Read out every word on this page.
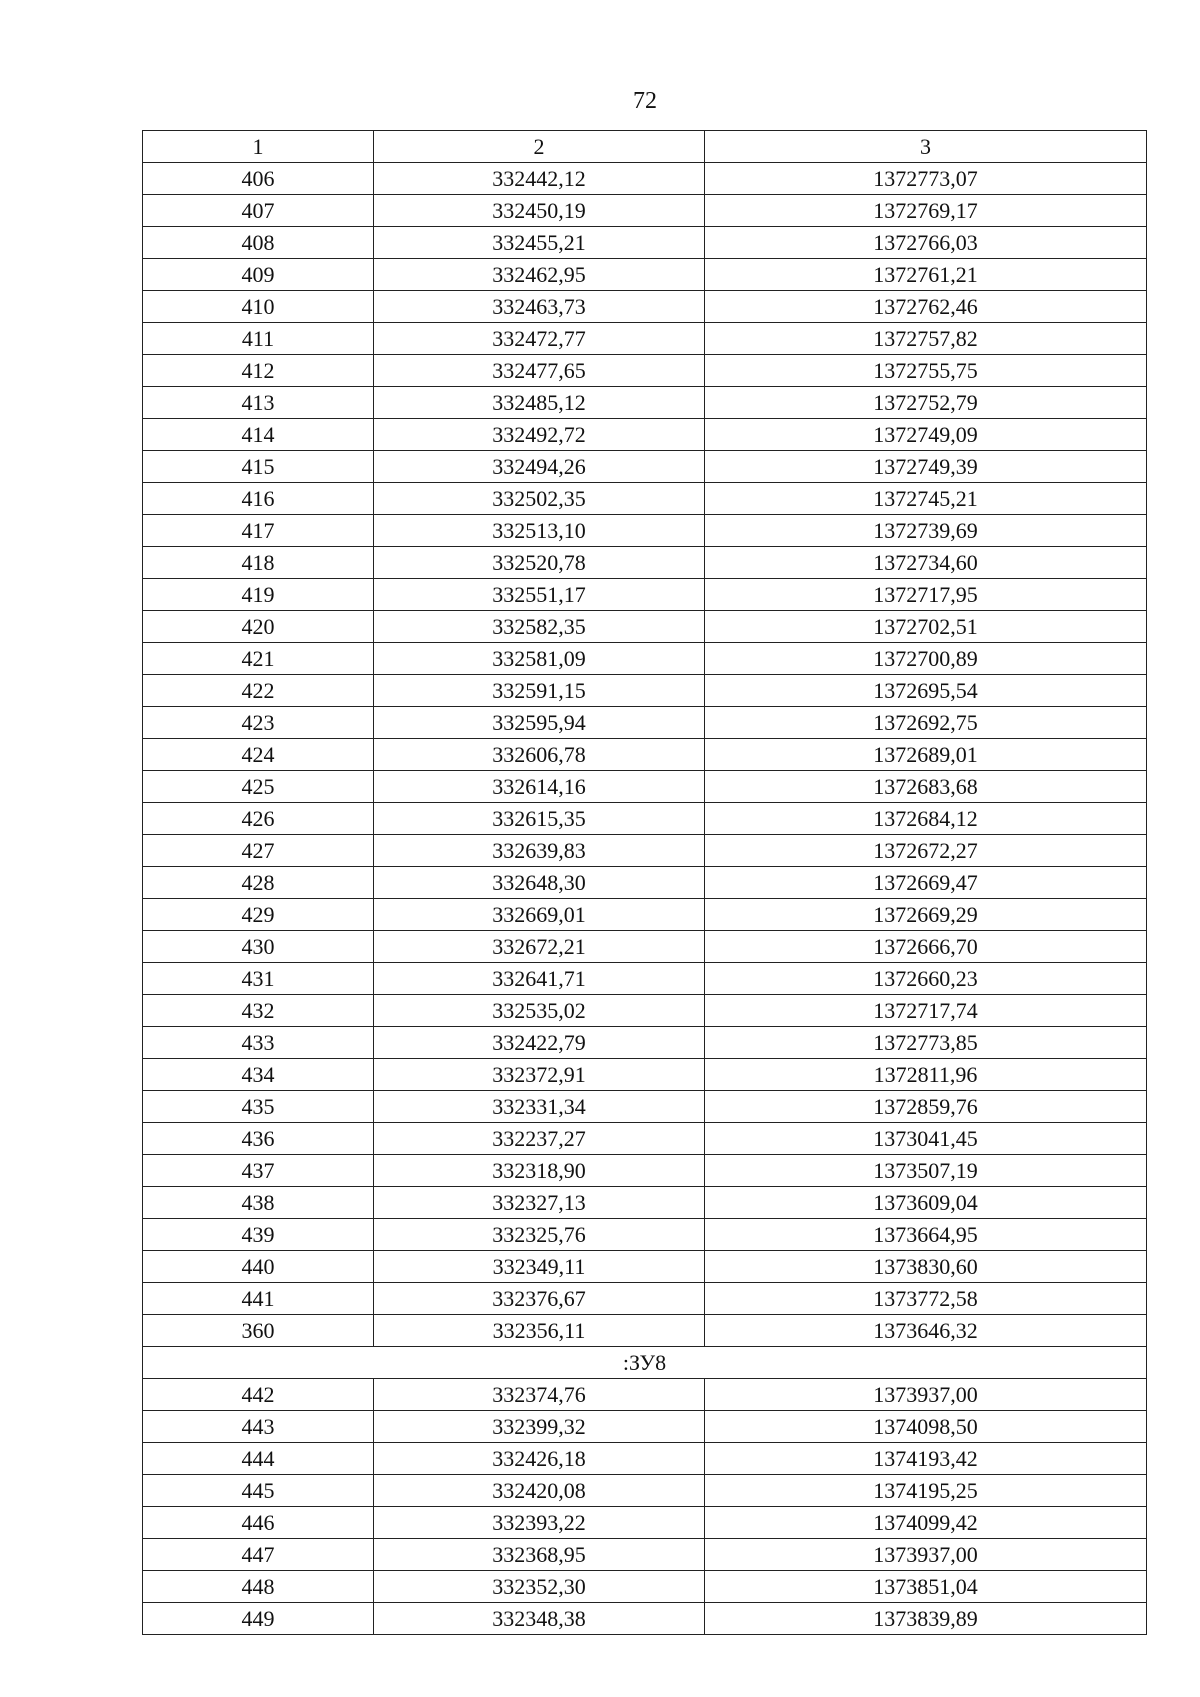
72
1	2	3
406	332442,12	1372773,07
407	332450,19	1372769,17
408	332455,21	1372766,03
409	332462,95	1372761,21
410	332463,73	1372762,46
411	332472,77	1372757,82
412	332477,65	1372755,75
413	332485,12	1372752,79
414	332492,72	1372749,09
415	332494,26	1372749,39
416	332502,35	1372745,21
417	332513,10	1372739,69
418	332520,78	1372734,60
419	332551,17	1372717,95
420	332582,35	1372702,51
421	332581,09	1372700,89
422	332591,15	1372695,54
423	332595,94	1372692,75
424	332606,78	1372689,01
425	332614,16	1372683,68
426	332615,35	1372684,12
427	332639,83	1372672,27
428	332648,30	1372669,47
429	332669,01	1372669,29
430	332672,21	1372666,70
431	332641,71	1372660,23
432	332535,02	1372717,74
433	332422,79	1372773,85
434	332372,91	1372811,96
435	332331,34	1372859,76
436	332237,27	1373041,45
437	332318,90	1373507,19
438	332327,13	1373609,04
439	332325,76	1373664,95
440	332349,11	1373830,60
441	332376,67	1373772,58
360	332356,11	1373646,32
:ЗУ8		
442	332374,76	1373937,00
443	332399,32	1374098,50
444	332426,18	1374193,42
445	332420,08	1374195,25
446	332393,22	1374099,42
447	332368,95	1373937,00
448	332352,30	1373851,04
449	332348,38	1373839,89
